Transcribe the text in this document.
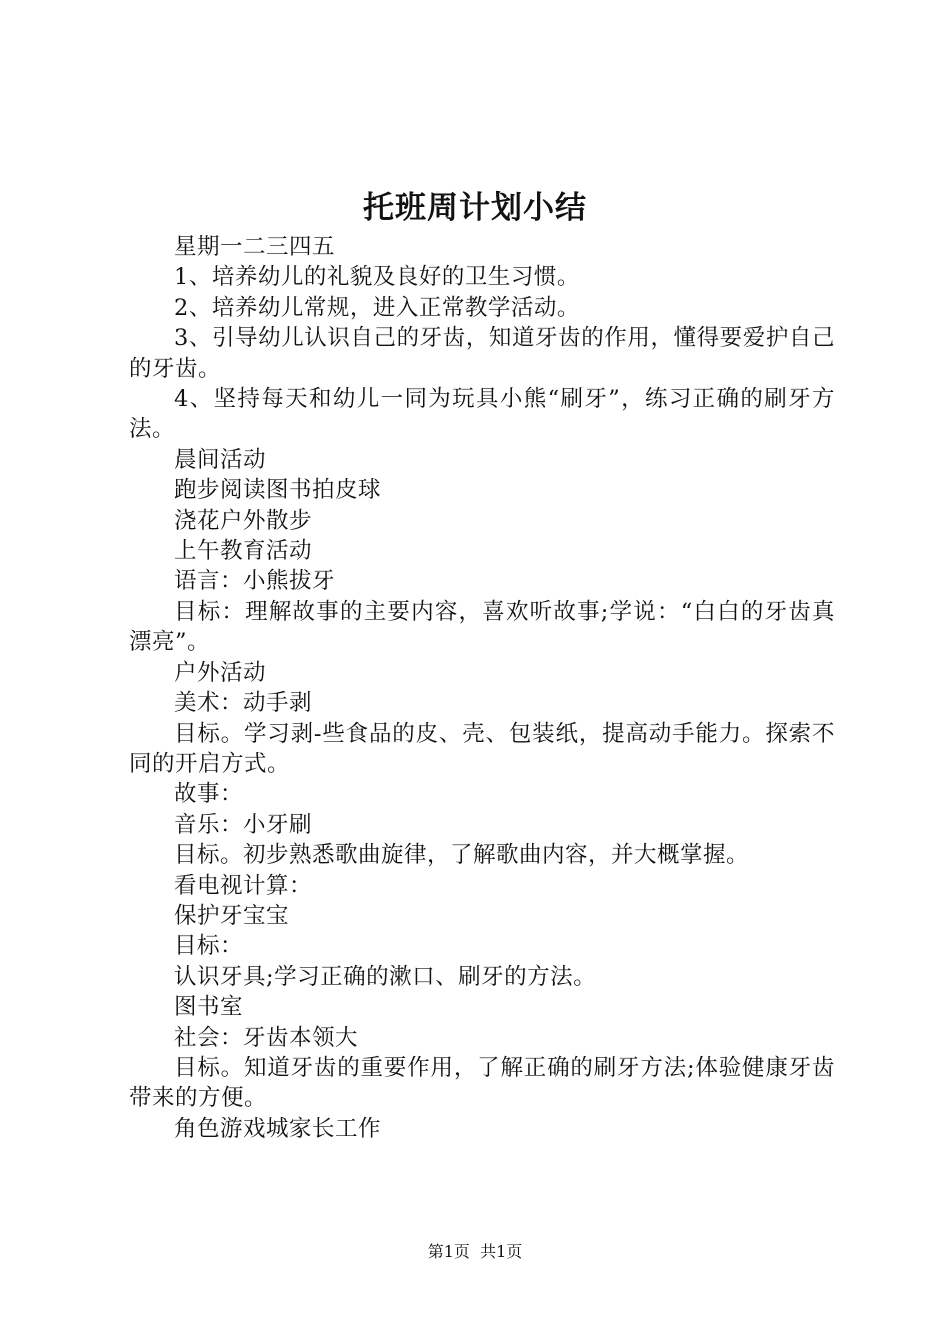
托班周计划小结

星期一二三四五

1、培养幼儿的礼貌及良好的卫生习惯。

2、培养幼儿常规，进入正常教学活动。

3、引导幼儿认识自己的牙齿，知道牙齿的作用，懂得要爱护自己的牙齿。

4、坚持每天和幼儿一同为玩具小熊“刷牙”，练习正确的刷牙方法。

晨间活动

跑步阅读图书拍皮球

浇花户外散步

上午教育活动

语言：小熊拔牙

目标：理解故事的主要内容，喜欢听故事;学说：“白白的牙齿真漂亮”。

户外活动

美术：动手剥

目标。学习剥-些食品的皮、壳、包装纸，提高动手能力。探索不同的开启方式。

故事：

音乐：小牙刷

目标。初步熟悉歌曲旋律，了解歌曲内容，并大概掌握。

看电视计算：

保护牙宝宝

目标：

认识牙具;学习正确的漱口、刷牙的方法。

图书室

社会：牙齿本领大

目标。知道牙齿的重要作用，了解正确的刷牙方法;体验健康牙齿带来的方便。

角色游戏城家长工作

第1页 共1页
